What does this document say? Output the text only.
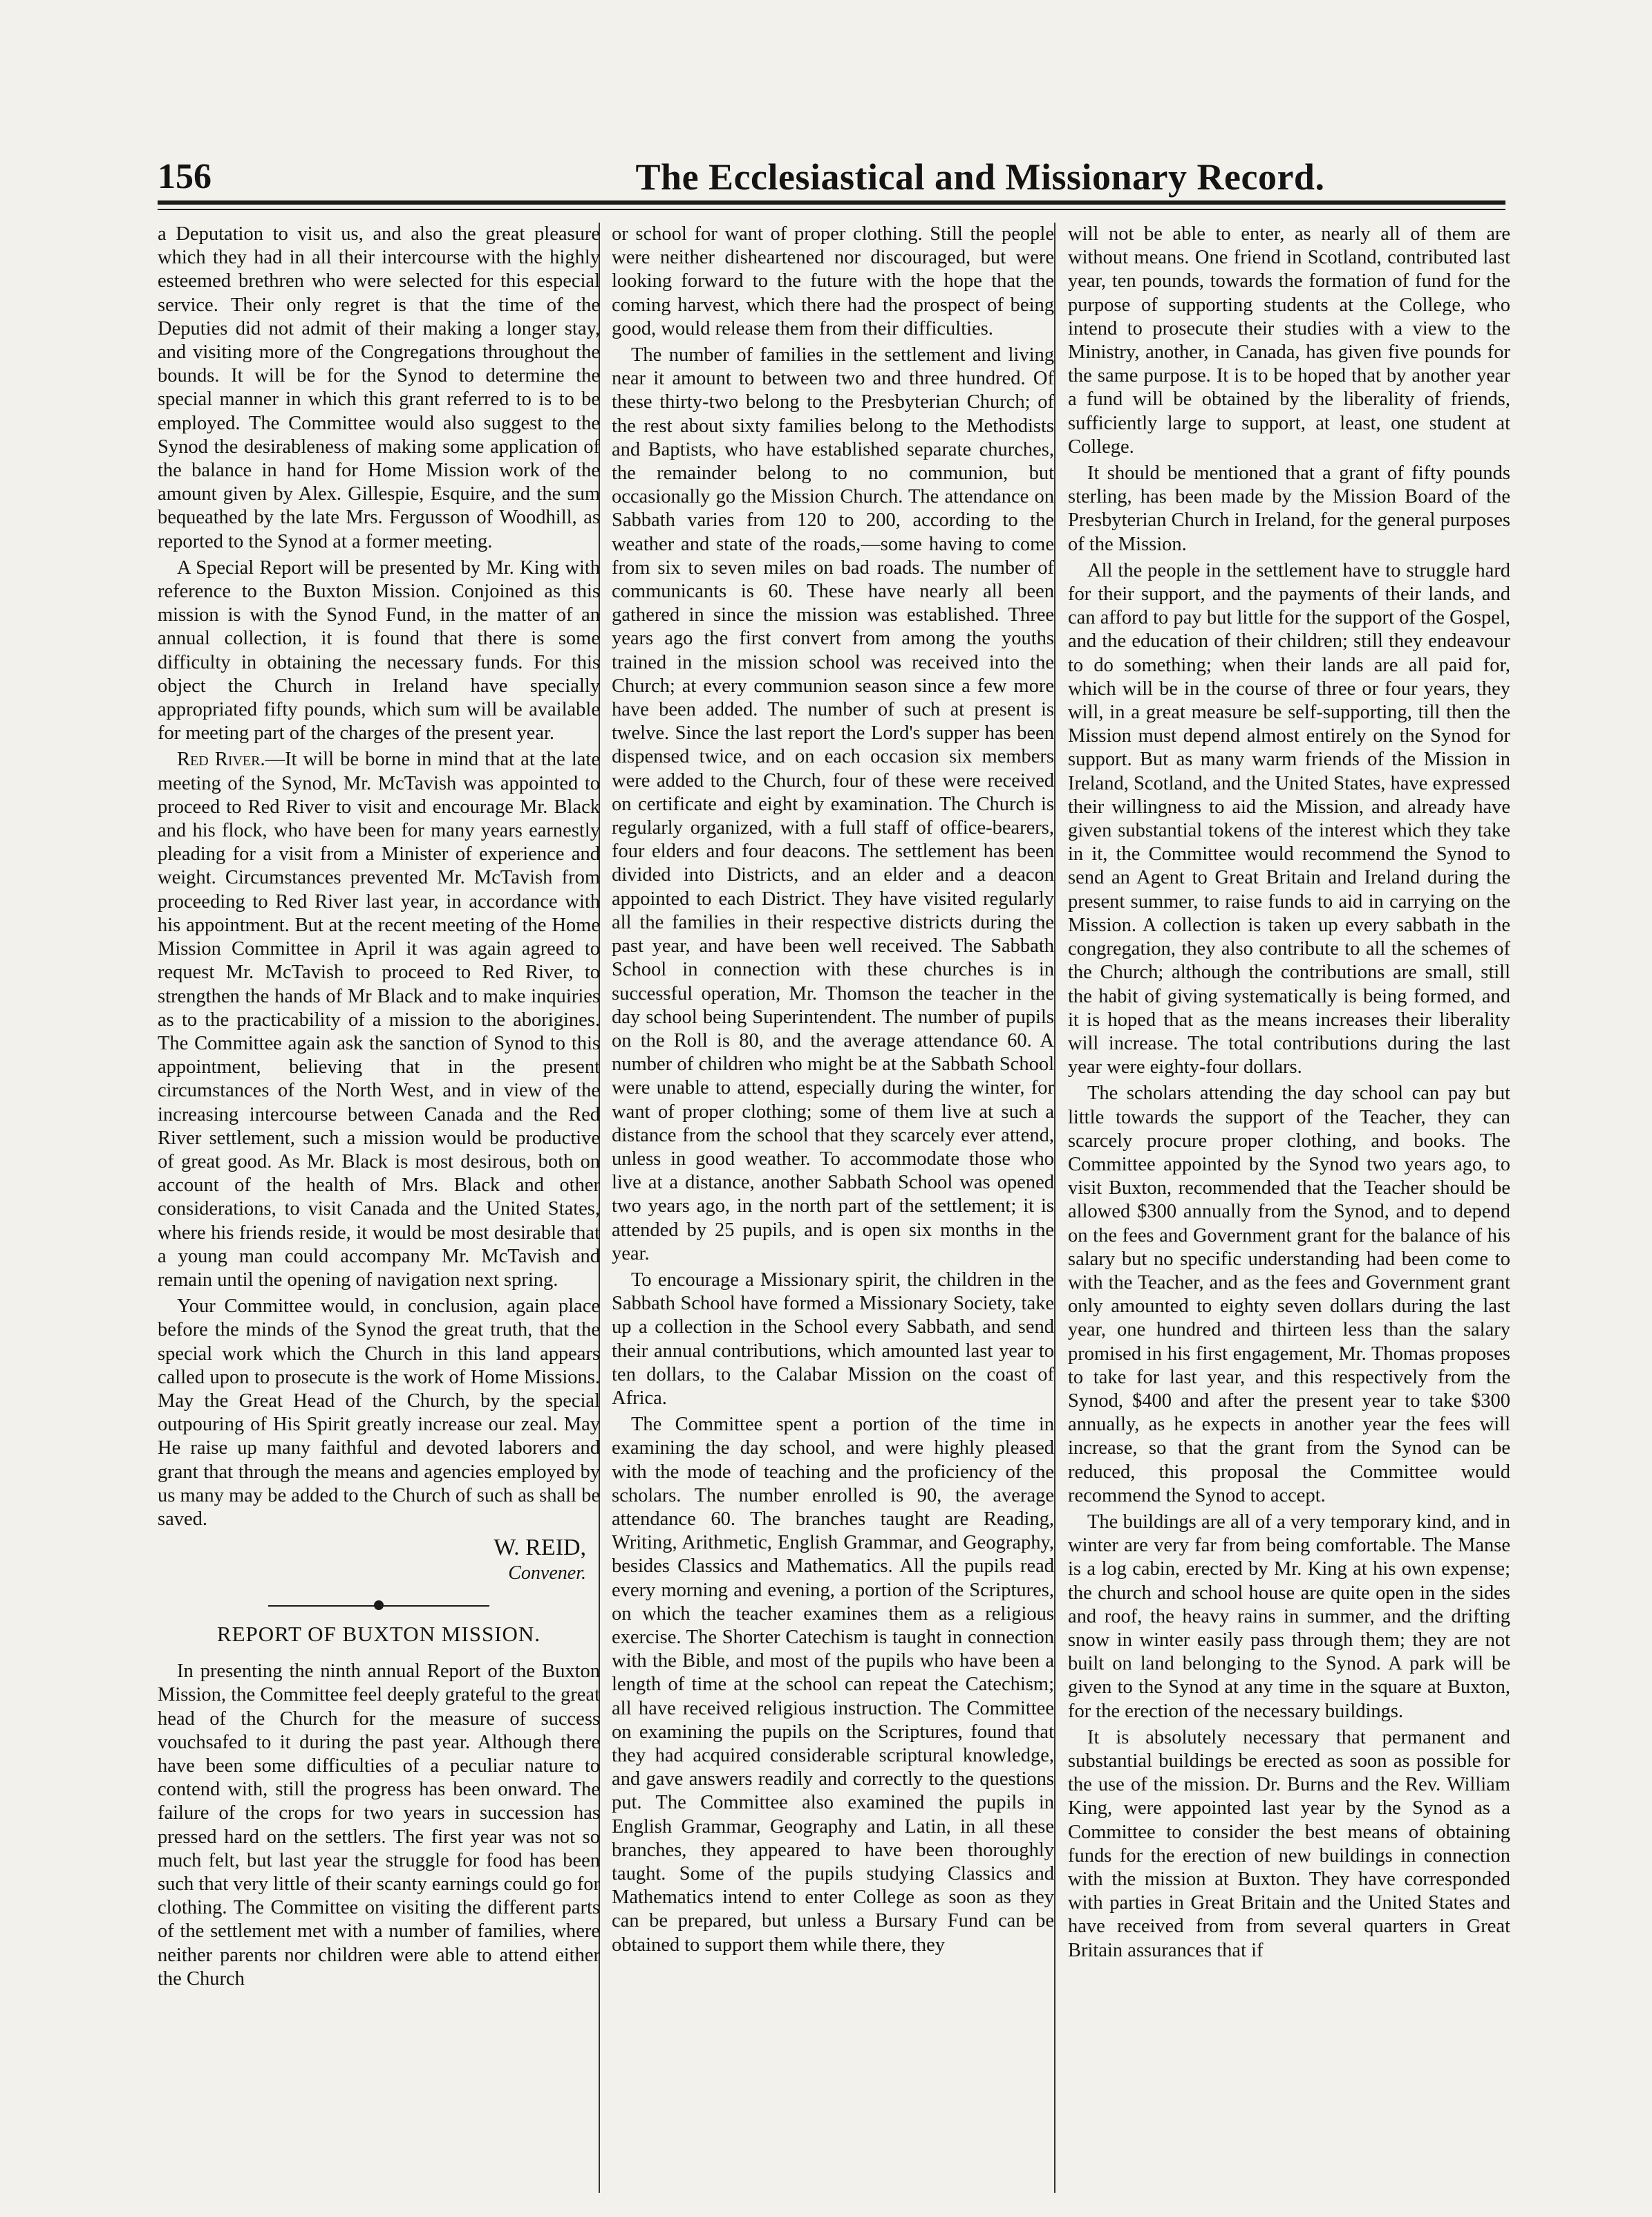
156	The Ecclesiastical and Missionary Record.

a Deputation to visit us, and also the great pleasure which they had in all their intercourse with the highly esteemed brethren who were selected for this especial service. Their only regret is that the time of the Deputies did not admit of their making a longer stay, and visiting more of the Congregations throughout the bounds. It will be for the Synod to determine the special manner in which this grant referred to is to be employed. The Committee would also suggest to the Synod the desirableness of making some application of the balance in hand for Home Mission work of the amount given by Alex. Gillespie, Esquire, and the sum bequeathed by the late Mrs. Fergusson of Woodhill, as reported to the Synod at a former meeting.

A Special Report will be presented by Mr. King with reference to the Buxton Mission. Conjoined as this mission is with the Synod Fund, in the matter of an annual collection, it is found that there is some difficulty in obtaining the necessary funds. For this object the Church in Ireland have specially appropriated fifty pounds, which sum will be available for meeting part of the charges of the present year.

Red River.—It will be borne in mind that at the late meeting of the Synod, Mr. McTavish was appointed to proceed to Red River to visit and encourage Mr. Black and his flock, who have been for many years earnestly pleading for a visit from a Minister of experience and weight. Circumstances prevented Mr. McTavish from proceeding to Red River last year, in accordance with his appointment. But at the recent meeting of the Home Mission Committee in April it was again agreed to request Mr. McTavish to proceed to Red River, to strengthen the hands of Mr Black and to make inquiries as to the practicability of a mission to the aborigines. The Committee again ask the sanction of Synod to this appointment, believing that in the present circumstances of the North West, and in view of the increasing intercourse between Canada and the Red River settlement, such a mission would be productive of great good. As Mr. Black is most desirous, both on account of the health of Mrs. Black and other considerations, to visit Canada and the United States, where his friends reside, it would be most desirable that a young man could accompany Mr. McTavish and remain until the opening of navigation next spring.

Your Committee would, in conclusion, again place before the minds of the Synod the great truth, that the special work which the Church in this land appears called upon to prosecute is the work of Home Missions. May the Great Head of the Church, by the special outpouring of His Spirit greatly increase our zeal. May He raise up many faithful and devoted laborers and grant that through the means and agencies employed by us many may be added to the Church of such as shall be saved.

W. REID,
Convener.
REPORT OF BUXTON MISSION.

In presenting the ninth annual Report of the Buxton Mission, the Committee feel deeply grateful to the great head of the Church for the measure of success vouchsafed to it during the past year. Although there have been some difficulties of a peculiar nature to contend with, still the progress has been onward. The failure of the crops for two years in succession has pressed hard on the settlers. The first year was not so much felt, but last year the struggle for food has been such that very little of their scanty earnings could go for clothing. The Committee on visiting the different parts of the settlement met with a number of families, where neither parents nor children were able to attend either the Church

or school for want of proper clothing. Still the people were neither disheartened nor discouraged, but were looking forward to the future with the hope that the coming harvest, which there had the prospect of being good, would release them from their difficulties.

The number of families in the settlement and living near it amount to between two and three hundred. Of these thirty-two belong to the Presbyterian Church; of the rest about sixty families belong to the Methodists and Baptists, who have established separate churches, the remainder belong to no communion, but occasionally go the Mission Church. The attendance on Sabbath varies from 120 to 200, according to the weather and state of the roads,—some having to come from six to seven miles on bad roads. The number of communicants is 60. These have nearly all been gathered in since the mission was established. Three years ago the first convert from among the youths trained in the mission school was received into the Church; at every communion season since a few more have been added. The number of such at present is twelve. Since the last report the Lord's supper has been dispensed twice, and on each occasion six members were added to the Church, four of these were received on certificate and eight by examination. The Church is regularly organized, with a full staff of office-bearers, four elders and four deacons. The settlement has been divided into Districts, and an elder and a deacon appointed to each District. They have visited regularly all the families in their respective districts during the past year, and have been well received. The Sabbath School in connection with these churches is in successful operation, Mr. Thomson the teacher in the day school being Superintendent. The number of pupils on the Roll is 80, and the average attendance 60. A number of children who might be at the Sabbath School were unable to attend, especially during the winter, for want of proper clothing; some of them live at such a distance from the school that they scarcely ever attend, unless in good weather. To accommodate those who live at a distance, another Sabbath School was opened two years ago, in the north part of the settlement; it is attended by 25 pupils, and is open six months in the year.

To encourage a Missionary spirit, the children in the Sabbath School have formed a Missionary Society, take up a collection in the School every Sabbath, and send their annual contributions, which amounted last year to ten dollars, to the Calabar Mission on the coast of Africa.

The Committee spent a portion of the time in examining the day school, and were highly pleased with the mode of teaching and the proficiency of the scholars. The number enrolled is 90, the average attendance 60. The branches taught are Reading, Writing, Arithmetic, English Grammar, and Geography, besides Classics and Mathematics. All the pupils read every morning and evening, a portion of the Scriptures, on which the teacher examines them as a religious exercise. The Shorter Catechism is taught in connection with the Bible, and most of the pupils who have been a length of time at the school can repeat the Catechism; all have received religious instruction. The Committee on examining the pupils on the Scriptures, found that they had acquired considerable scriptural knowledge, and gave answers readily and correctly to the questions put. The Committee also examined the pupils in English Grammar, Geography and Latin, in all these branches, they appeared to have been thoroughly taught. Some of the pupils studying Classics and Mathematics intend to enter College as soon as they can be prepared, but unless a Bursary Fund can be obtained to support them while there, they

will not be able to enter, as nearly all of them are without means. One friend in Scotland, contributed last year, ten pounds, towards the formation of fund for the purpose of supporting students at the College, who intend to prosecute their studies with a view to the Ministry, another, in Canada, has given five pounds for the same purpose. It is to be hoped that by another year a fund will be obtained by the liberality of friends, sufficiently large to support, at least, one student at College.

It should be mentioned that a grant of fifty pounds sterling, has been made by the Mission Board of the Presbyterian Church in Ireland, for the general purposes of the Mission.

All the people in the settlement have to struggle hard for their support, and the payments of their lands, and can afford to pay but little for the support of the Gospel, and the education of their children; still they endeavour to do something; when their lands are all paid for, which will be in the course of three or four years, they will, in a great measure be self-supporting, till then the Mission must depend almost entirely on the Synod for support. But as many warm friends of the Mission in Ireland, Scotland, and the United States, have expressed their willingness to aid the Mission, and already have given substantial tokens of the interest which they take in it, the Committee would recommend the Synod to send an Agent to Great Britain and Ireland during the present summer, to raise funds to aid in carrying on the Mission. A collection is taken up every sabbath in the congregation, they also contribute to all the schemes of the Church; although the contributions are small, still the habit of giving systematically is being formed, and it is hoped that as the means increases their liberality will increase. The total contributions during the last year were eighty-four dollars.

The scholars attending the day school can pay but little towards the support of the Teacher, they can scarcely procure proper clothing, and books. The Committee appointed by the Synod two years ago, to visit Buxton, recommended that the Teacher should be allowed $300 annually from the Synod, and to depend on the fees and Government grant for the balance of his salary but no specific understanding had been come to with the Teacher, and as the fees and Government grant only amounted to eighty seven dollars during the last year, one hundred and thirteen less than the salary promised in his first engagement, Mr. Thomas proposes to take for last year, and this respectively from the Synod, $400 and after the present year to take $300 annually, as he expects in another year the fees will increase, so that the grant from the Synod can be reduced, this proposal the Committee would recommend the Synod to accept.

The buildings are all of a very temporary kind, and in winter are very far from being comfortable. The Manse is a log cabin, erected by Mr. King at his own expense; the church and school house are quite open in the sides and roof, the heavy rains in summer, and the drifting snow in winter easily pass through them; they are not built on land belonging to the Synod. A park will be given to the Synod at any time in the square at Buxton, for the erection of the necessary buildings.

It is absolutely necessary that permanent and substantial buildings be erected as soon as possible for the use of the mission. Dr. Burns and the Rev. William King, were appointed last year by the Synod as a Committee to consider the best means of obtaining funds for the erection of new buildings in connection with the mission at Buxton. They have corresponded with parties in Great Britain and the United States and have received from from several quarters in Great Britain assurances that if
